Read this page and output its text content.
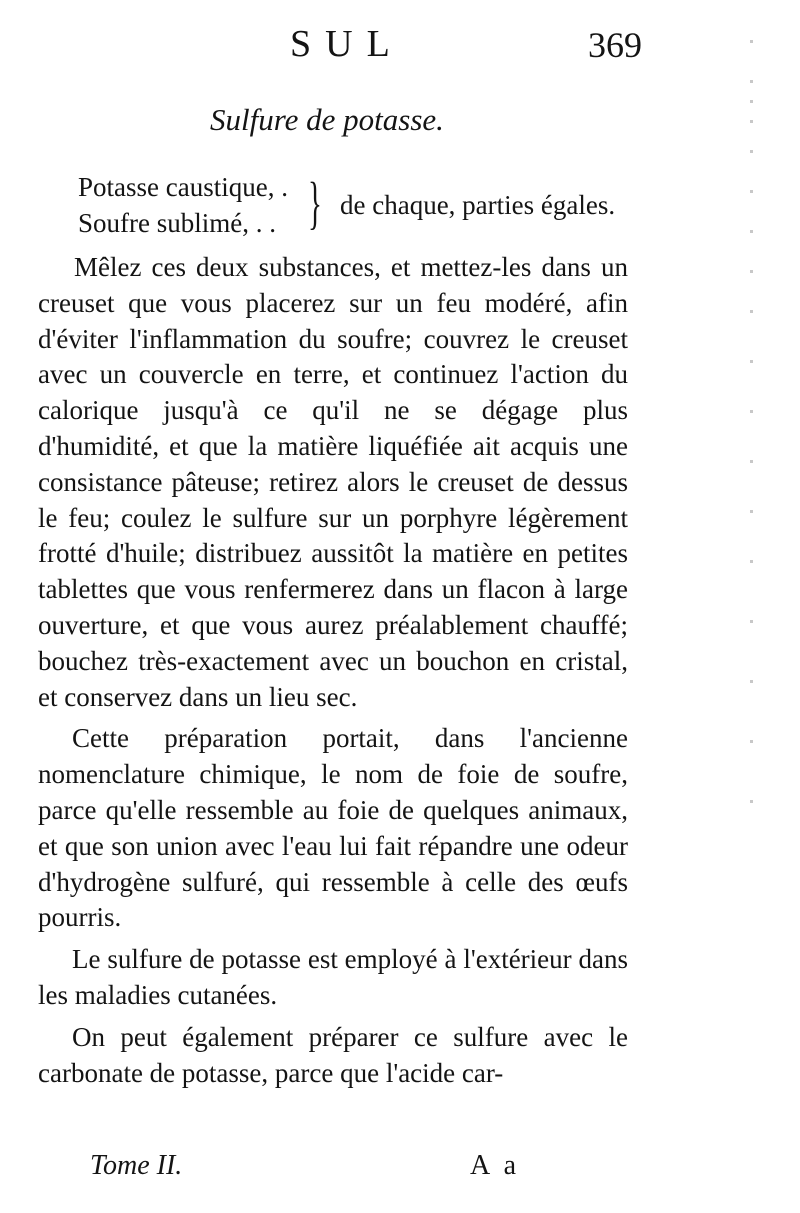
SUL	369
Sulfure de potasse.
Potasse caustique, .
Soufre sublimé, . . } de chaque, parties égales.

Mêlez ces deux substances, et mettez-les dans un creuset que vous placerez sur un feu modéré, afin d'éviter l'inflammation du soufre; couvrez le creuset avec un couvercle en terre, et continuez l'action du calorique jusqu'à ce qu'il ne se dégage plus d'humidité, et que la matière liquéfiée ait acquis une consistance pâteuse; retirez alors le creuset de dessus le feu; coulez le sulfure sur un porphyre légèrement frotté d'huile; distribuez aussitôt la matière en petites tablettes que vous renfermerez dans un flacon à large ouverture, et que vous aurez préalablement chauffé; bouchez très-exactement avec un bouchon en cristal, et conservez dans un lieu sec.

Cette préparation portait, dans l'ancienne nomenclature chimique, le nom de foie de soufre, parce qu'elle ressemble au foie de quelques animaux, et que son union avec l'eau lui fait répandre une odeur d'hydrogène sulfuré, qui ressemble à celle des œufs pourris.

Le sulfure de potasse est employé à l'extérieur dans les maladies cutanées.

On peut également préparer ce sulfure avec le carbonate de potasse, parce que l'acide car-

Tome II.	A a
